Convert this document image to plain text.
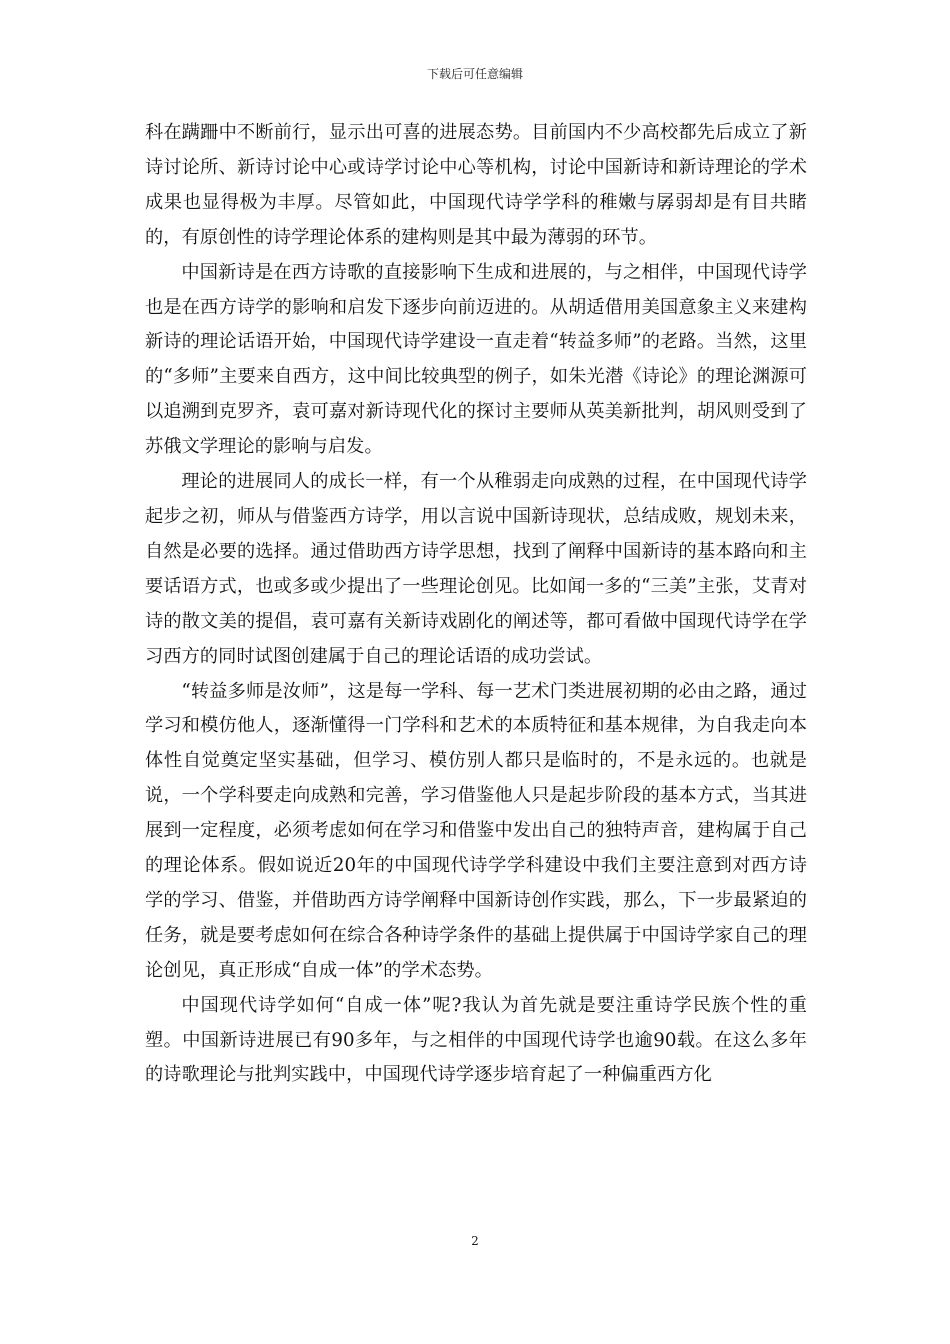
下载后可任意编辑

科在蹒跚中不断前行，显示出可喜的进展态势。目前国内不少高校都先后成立了新诗讨论所、新诗讨论中心或诗学讨论中心等机构，讨论中国新诗和新诗理论的学术成果也显得极为丰厚。尽管如此，中国现代诗学学科的稚嫩与孱弱却是有目共睹的，有原创性的诗学理论体系的建构则是其中最为薄弱的环节。

中国新诗是在西方诗歌的直接影响下生成和进展的，与之相伴，中国现代诗学也是在西方诗学的影响和启发下逐步向前迈进的。从胡适借用美国意象主义来建构新诗的理论话语开始，中国现代诗学建设一直走着“转益多师”的老路。当然，这里的“多师”主要来自西方，这中间比较典型的例子，如朱光潜《诗论》的理论渊源可以追溯到克罗齐，袁可嘉对新诗现代化的探讨主要师从英美新批判，胡风则受到了苏俄文学理论的影响与启发。

理论的进展同人的成长一样，有一个从稚弱走向成熟的过程，在中国现代诗学起步之初，师从与借鉴西方诗学，用以言说中国新诗现状，总结成败，规划未来，自然是必要的选择。通过借助西方诗学思想，找到了阐释中国新诗的基本路向和主要话语方式，也或多或少提出了一些理论创见。比如闻一多的“三美”主张，艾青对诗的散文美的提倡，袁可嘉有关新诗戏剧化的阐述等，都可看做中国现代诗学在学习西方的同时试图创建属于自己的理论话语的成功尝试。

“转益多师是汝师”，这是每一学科、每一艺术门类进展初期的必由之路，通过学习和模仿他人，逐渐懂得一门学科和艺术的本质特征和基本规律，为自我走向本体性自觉奠定坚实基础，但学习、模仿别人都只是临时的，不是永远的。也就是说，一个学科要走向成熟和完善，学习借鉴他人只是起步阶段的基本方式，当其进展到一定程度，必须考虑如何在学习和借鉴中发出自己的独特声音，建构属于自己的理论体系。假如说近20年的中国现代诗学学科建设中我们主要注意到对西方诗学的学习、借鉴，并借助西方诗学阐释中国新诗创作实践，那么，下一步最紧迫的任务，就是要考虑如何在综合各种诗学条件的基础上提供属于中国诗学家自己的理论创见，真正形成“自成一体”的学术态势。

中国现代诗学如何“自成一体”呢?我认为首先就是要注重诗学民族个性的重塑。中国新诗进展已有90多年，与之相伴的中国现代诗学也逾90载。在这么多年的诗歌理论与批判实践中，中国现代诗学逐步培育起了一种偏重西方化

2
